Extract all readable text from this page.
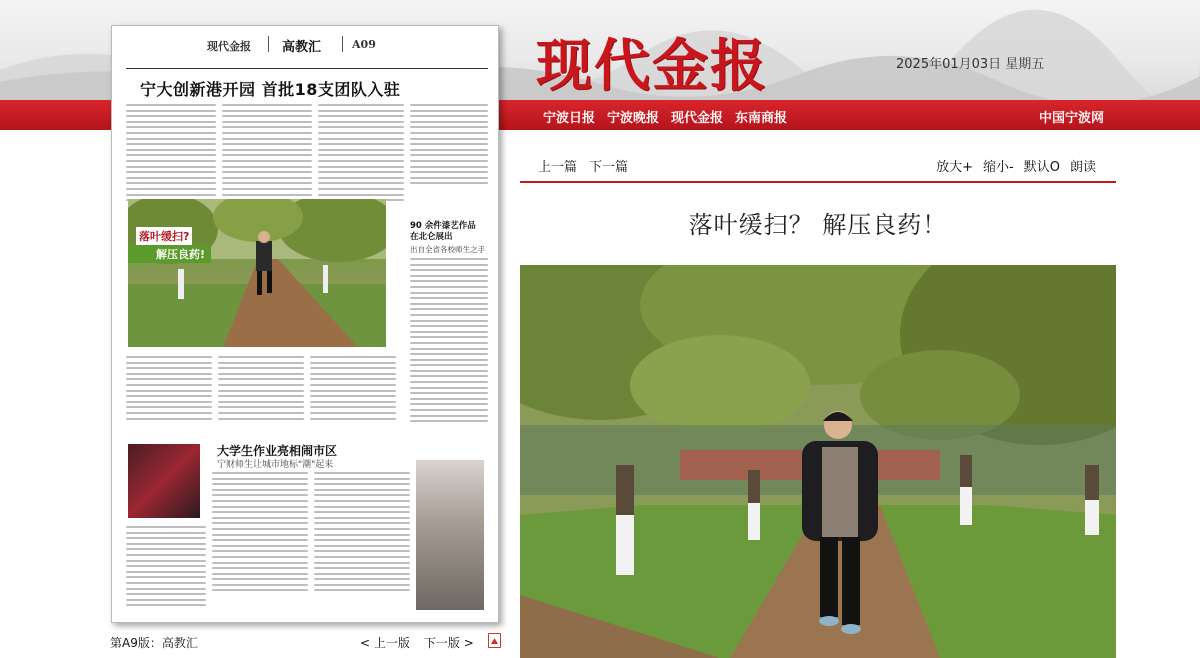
现代金报	2025年01月03日 星期五
宁波日报 宁波晚报 现代金报 东南商报	中国宁波网
现代金报 高教汇	A09
宁大创新港开园 首批18支团队入驻
落叶缓扫?
解压良药!
90 余件漆艺作品
在北仑展出
出自全省各校师生之手
大学生作业亮相闹市区
宁财师生让城市地标"潮"起来
第A9版：高教汇	< 上一版 下一版 >
上一篇 下一篇	放大+ 缩小- 默认O 朗读
落叶缓扫？ 解压良药！
